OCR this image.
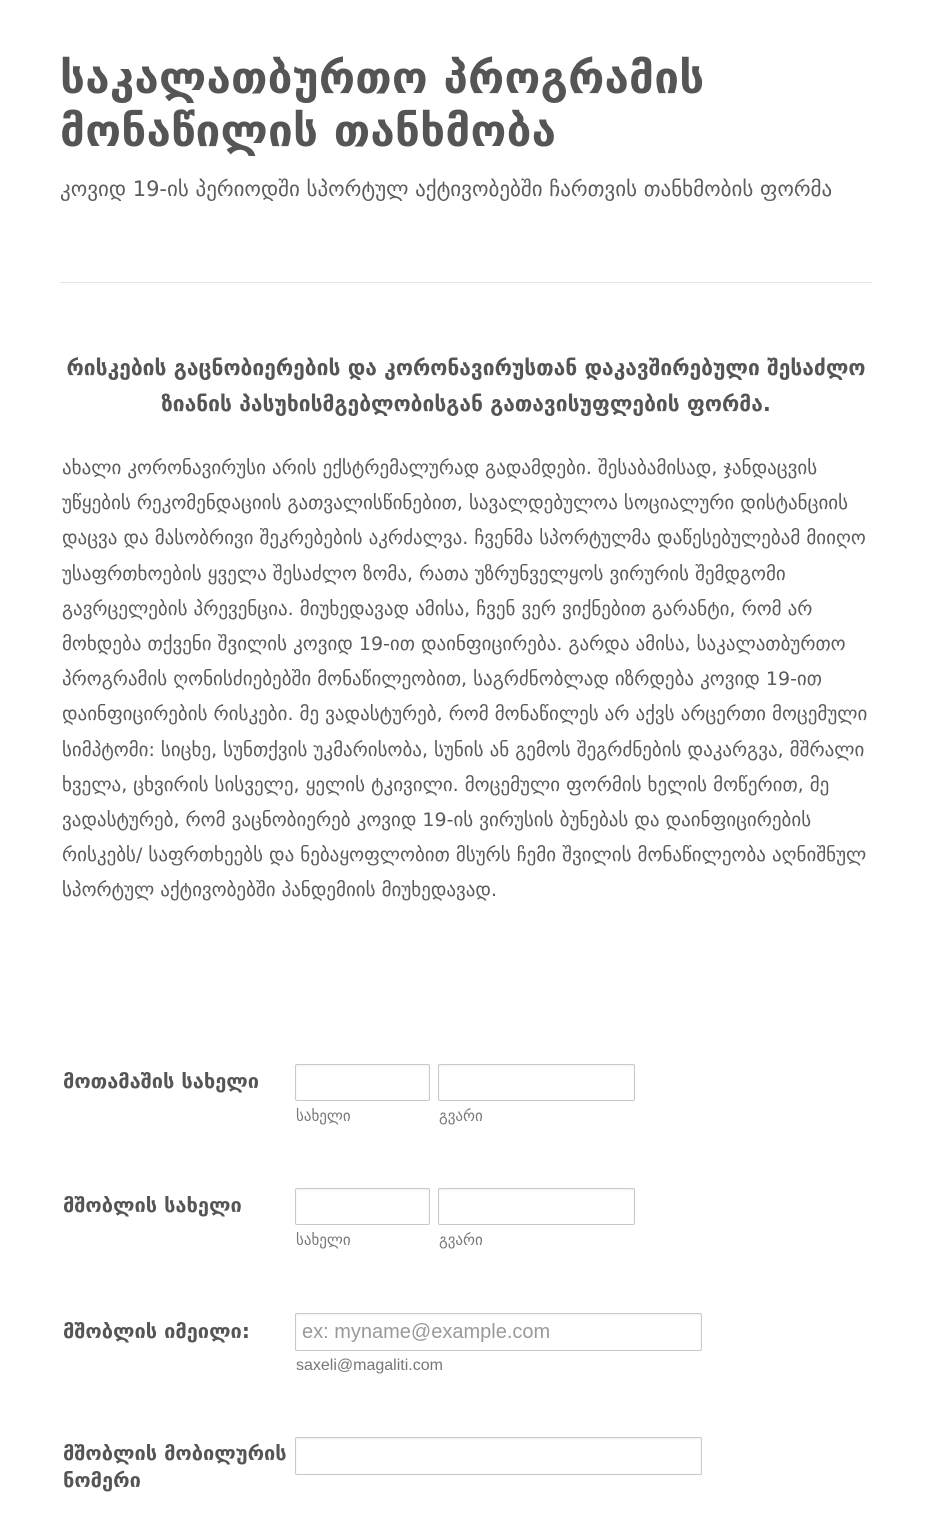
საკალათბურთო პროგრამის მონაწილის თანხმობა
კოვიდ 19-ის პერიოდში სპორტულ აქტივობებში ჩართვის თანხმობის ფორმა
რისკების გაცნობიერების და კორონავირუსთან დაკავშირებული შესაძლო ზიანის პასუხისმგებლობისგან გათავისუფლების ფორმა.
ახალი კორონავირუსი არის ექსტრემალურად გადამდები. შესაბამისად, ჯანდაცვის უწყების რეკომენდაციის გათვალისწინებით, სავალდებულოა სოციალური დისტანციის დაცვა და მასობრივი შეკრებების აკრძალვა. ჩვენმა სპორტულმა დაწესებულებამ მიიღო უსაფრთხოების ყველა შესაძლო ზომა, რათა უზრუნველყოს ვირურის შემდგომი გავრცელების პრევენცია. მიუხედავად ამისა, ჩვენ ვერ ვიქნებით გარანტი, რომ არ მოხდება თქვენი შვილის კოვიდ 19-ით დაინფიცირება. გარდა ამისა, საკალათბურთო პროგრამის ღონისძიებებში მონაწილეობით, საგრძნობლად იზრდება კოვიდ 19-ით დაინფიცირების რისკები. მე ვადასტურებ, რომ მონაწილეს არ აქვს არცერთი მოცემული სიმპტომი: სიცხე, სუნთქვის უკმარისობა, სუნის ან გემოს შეგრძნების დაკარგვა, მშრალი ხველა, ცხვირის სისველე, ყელის ტკივილი. მოცემული ფორმის ხელის მოწერით, მე ვადასტურებ, რომ ვაცნობიერებ კოვიდ 19-ის ვირუსის ბუნებას და დაინფიცირების რისკებს/ საფრთხეებს და ნებაყოფლობით მსურს ჩემი შვილის მონაწილეობა აღნიშნულ სპორტულ აქტივობებში პანდემიის მიუხედავად.
მოთამაშის სახელი
სახელი	გვარი
მშობლის სახელი
სახელი	გვარი
მშობლის იმეილი:
ex: myname@example.com
saxeli@magaliti.com
მშობლის მობილურის ნომერი
